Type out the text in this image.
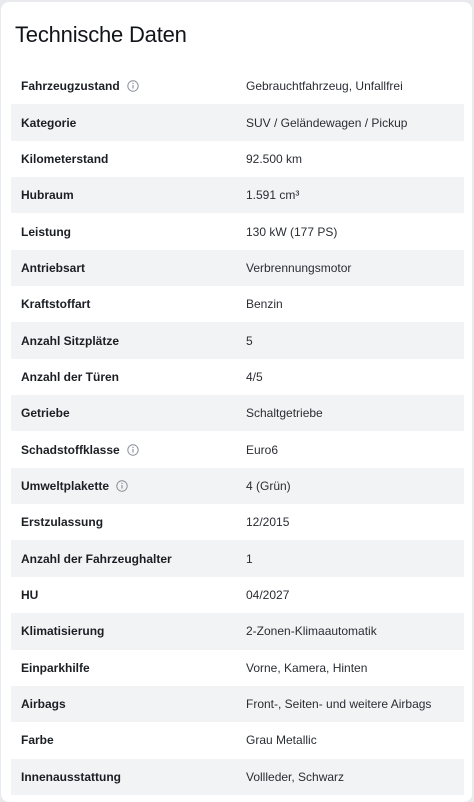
Technische Daten
Fahrzeugzustand	Gebrauchtfahrzeug, Unfallfrei
Kategorie	SUV / Geländewagen / Pickup
Kilometerstand	92.500 km
Hubraum	1.591 cm³
Leistung	130 kW (177 PS)
Antriebsart	Verbrennungsmotor
Kraftstoffart	Benzin
Anzahl Sitzplätze	5
Anzahl der Türen	4/5
Getriebe	Schaltgetriebe
Schadstoffklasse	Euro6
Umweltplakette	4 (Grün)
Erstzulassung	12/2015
Anzahl der Fahrzeughalter	1
HU	04/2027
Klimatisierung	2-Zonen-Klimaautomatik
Einparkhilfe	Vorne, Kamera, Hinten
Airbags	Front-, Seiten- und weitere Airbags
Farbe	Grau Metallic
Innenausstattung	Vollleder, Schwarz
